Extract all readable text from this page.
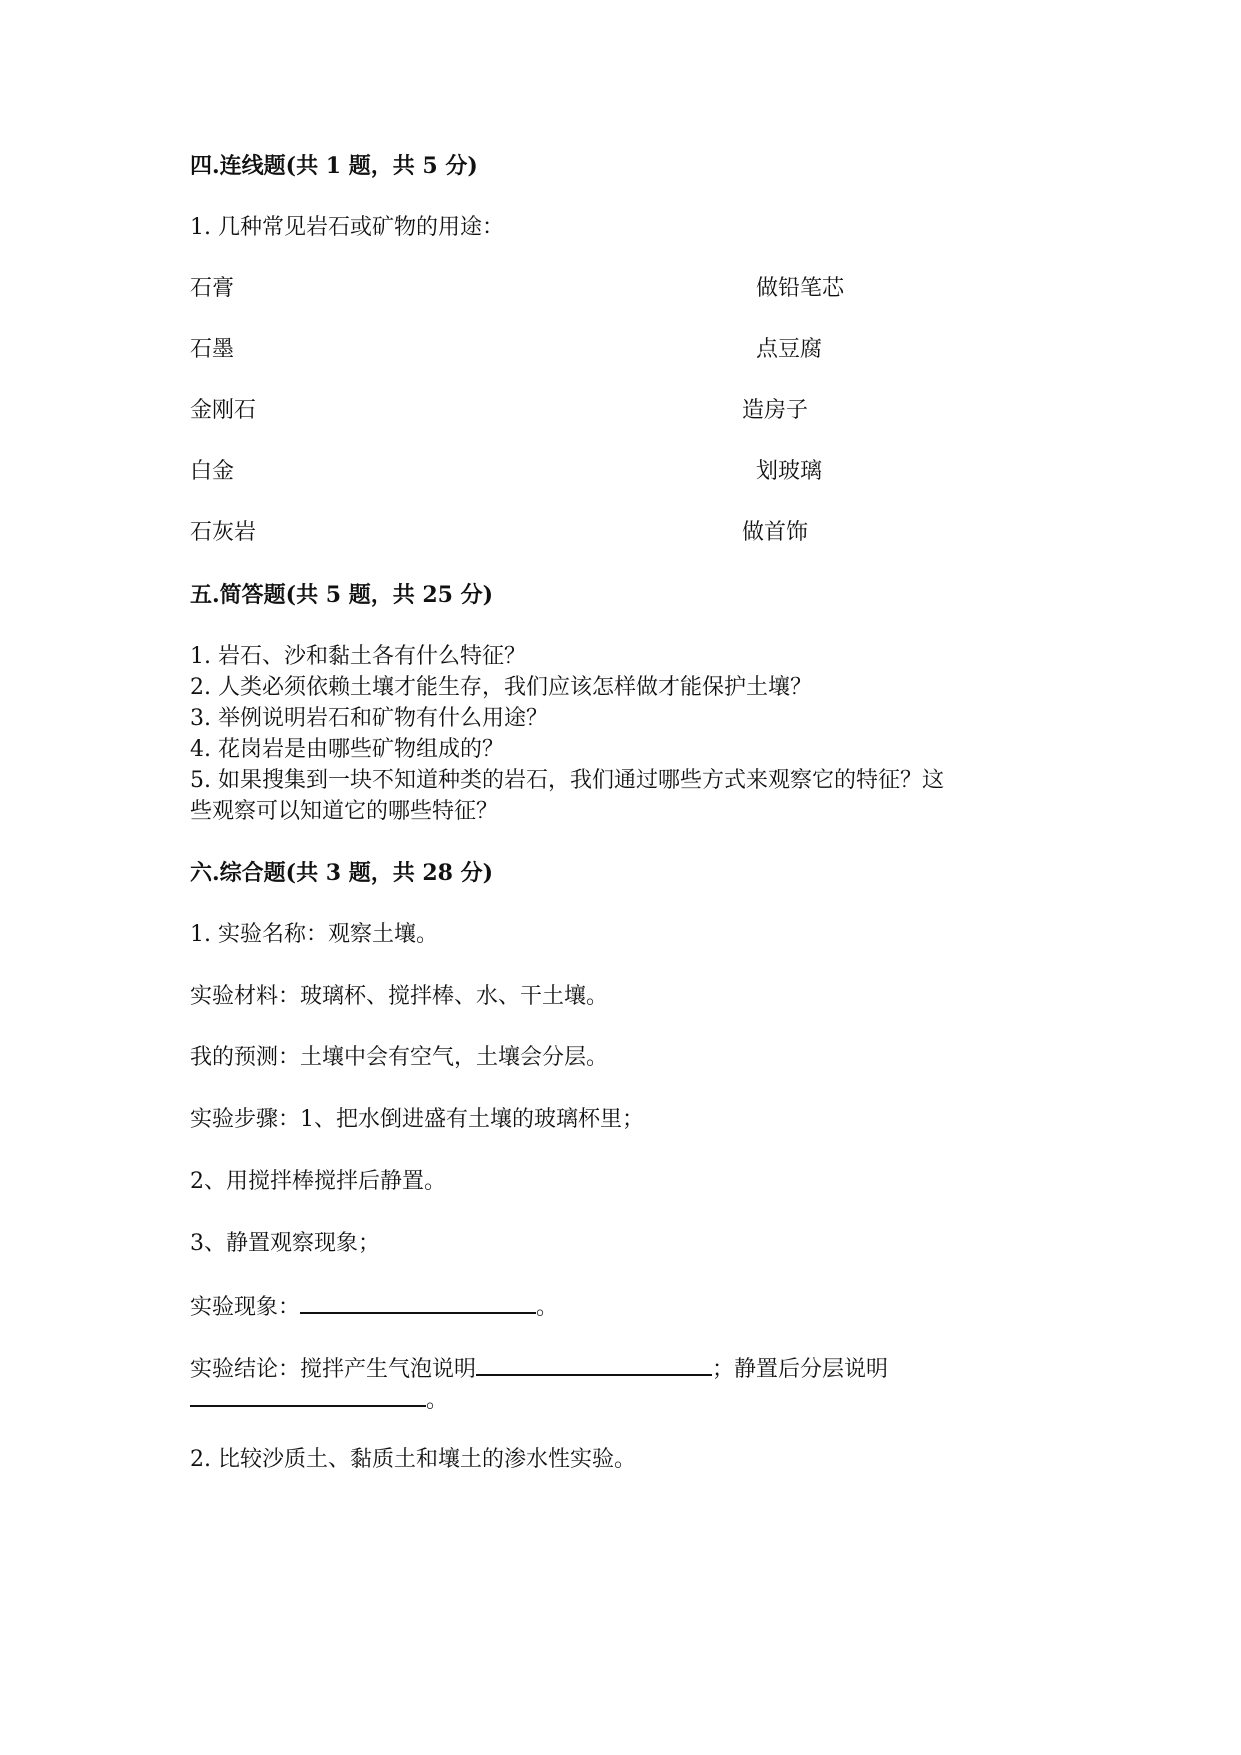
四.连线题(共 1 题，共 5 分)
1. 几种常见岩石或矿物的用途：
石膏	做铅笔芯
石墨	点豆腐
金刚石	造房子
白金	划玻璃
石灰岩	做首饰
五.简答题(共 5 题，共 25 分)
1. 岩石、沙和黏土各有什么特征？
2. 人类必须依赖土壤才能生存，我们应该怎样做才能保护土壤？
3. 举例说明岩石和矿物有什么用途？
4. 花岗岩是由哪些矿物组成的？
5. 如果搜集到一块不知道种类的岩石，我们通过哪些方式来观察它的特征？这
些观察可以知道它的哪些特征？
六.综合题(共 3 题，共 28 分)
1. 实验名称：观察土壤。
实验材料：玻璃杯、搅拌棒、水、干土壤。
我的预测：土壤中会有空气，土壤会分层。
实验步骤：1、把水倒进盛有土壤的玻璃杯里；
2、用搅拌棒搅拌后静置。
3、静置观察现象；
实验现象：	。
实验结论：搅拌产生气泡说明	；静置后分层说明
。
2. 比较沙质土、黏质土和壤土的渗水性实验。
